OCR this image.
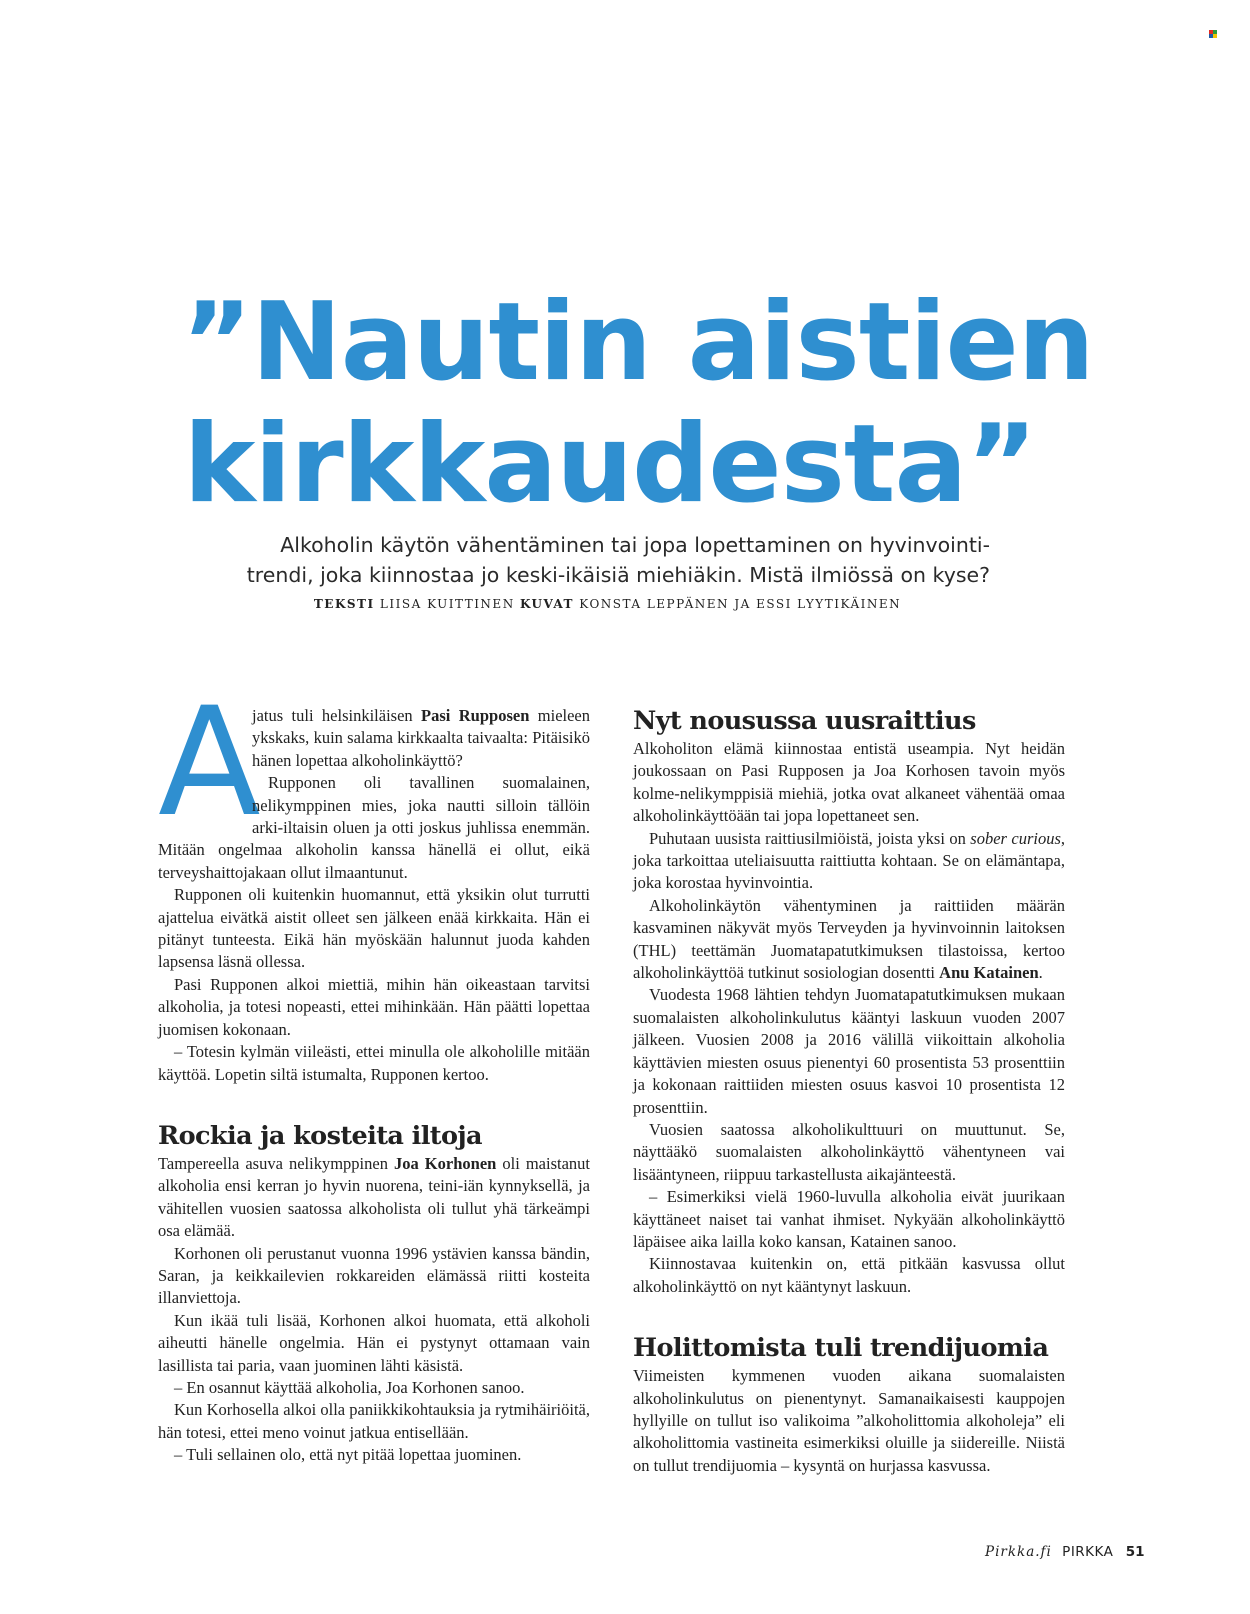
”Nautin aistien
kirkkaudesta”

Alkoholin käytön vähentäminen tai jopa lopettaminen on hyvinvointi-
trendi, joka kiinnostaa jo keski-ikäisiä miehiäkin. Mistä ilmiössä on kyse?

TEKSTI LIISA KUITTINEN KUVAT KONSTA LEPPÄNEN JA ESSI LYYTIKÄINEN
A

jatus tuli helsinkiläisen Pasi Rupposen mieleen ykskaks, kuin salama kirkkaalta taivaalta: Pitäisikö hänen lopettaa alkoholinkäyttö?

Rupponen oli tavallinen suomalainen, nelikymppinen mies, joka nautti silloin tällöin arki-iltaisin oluen ja otti joskus juhlissa enemmän. Mitään ongelmaa alkoholin kanssa hänellä ei ollut, eikä terveyshaittojakaan ollut ilmaantunut.

Rupponen oli kuitenkin huomannut, että yksikin olut turrutti ajattelua eivätkä aistit olleet sen jälkeen enää kirkkaita. Hän ei pitänyt tunteesta. Eikä hän myöskään halunnut juoda kahden lapsensa läsnä ollessa.

Pasi Rupponen alkoi miettiä, mihin hän oikeastaan tarvitsi alkoholia, ja totesi nopeasti, ettei mihinkään. Hän päätti lopettaa juomisen kokonaan.

– Totesin kylmän viileästi, ettei minulla ole alkoholille mitään käyttöä. Lopetin siltä istumalta, Rupponen kertoo.

Rockia ja kosteita iltoja

Tampereella asuva nelikymppinen Joa Korhonen oli maistanut alkoholia ensi kerran jo hyvin nuorena, teini-iän kynnyksellä, ja vähitellen vuosien saatossa alkoholista oli tullut yhä tärkeämpi osa elämää.

Korhonen oli perustanut vuonna 1996 ystävien kanssa bändin, Saran, ja keikkailevien rokkareiden elämässä riitti kosteita illanviettoja.

Kun ikää tuli lisää, Korhonen alkoi huomata, että alkoholi aiheutti hänelle ongelmia. Hän ei pystynyt ottamaan vain lasillista tai paria, vaan juominen lähti käsistä.

– En osannut käyttää alkoholia, Joa Korhonen sanoo.

Kun Korhosella alkoi olla paniikkikohtauksia ja rytmihäiriöitä, hän totesi, ettei meno voinut jatkua entisellään.

– Tuli sellainen olo, että nyt pitää lopettaa juominen.

Nyt nousussa uusraittius

Alkoholiton elämä kiinnostaa entistä useampia. Nyt heidän joukossaan on Pasi Rupposen ja Joa Korhosen tavoin myös kolme-nelikymppisiä miehiä, jotka ovat alkaneet vähentää omaa alkoholinkäyttöään tai jopa lopettaneet sen.

Puhutaan uusista raittiusilmiöistä, joista yksi on sober curious, joka tarkoittaa uteliaisuutta raittiutta kohtaan. Se on elämäntapa, joka korostaa hyvinvointia.

Alkoholinkäytön vähentyminen ja raittiiden määrän kasvaminen näkyvät myös Terveyden ja hyvinvoinnin laitoksen (THL) teettämän Juomatapatutkimuksen tilastoissa, kertoo alkoholinkäyttöä tutkinut sosiologian dosentti Anu Katainen.

Vuodesta 1968 lähtien tehdyn Juomatapatutkimuksen mukaan suomalaisten alkoholinkulutus kääntyi laskuun vuoden 2007 jälkeen. Vuosien 2008 ja 2016 välillä viikoittain alkoholia käyttävien miesten osuus pienentyi 60 prosentista 53 prosenttiin ja kokonaan raittiiden miesten osuus kasvoi 10 prosentista 12 prosenttiin.

Vuosien saatossa alkoholikulttuuri on muuttunut. Se, näyttääkö suomalaisten alkoholinkäyttö vähentyneen vai lisääntyneen, riippuu tarkastellusta aikajänteestä.

– Esimerkiksi vielä 1960-luvulla alkoholia eivät juurikaan käyttäneet naiset tai vanhat ihmiset. Nykyään alkoholinkäyttö läpäisee aika lailla koko kansan, Katainen sanoo.

Kiinnostavaa kuitenkin on, että pitkään kasvussa ollut alkoholinkäyttö on nyt kääntynyt laskuun.

Holittomista tuli trendijuomia

Viimeisten kymmenen vuoden aikana suomalaisten alkoholinkulutus on pienentynyt. Samanaikaisesti kauppojen hyllyille on tullut iso valikoima ”alkoholittomia alkoholeja” eli alkoholittomia vastineita esimerkiksi oluille ja siidereille. Niistä on tullut trendijuomia – kysyntä on hurjassa kasvussa.

Pirkka.fi PIRKKA 51
